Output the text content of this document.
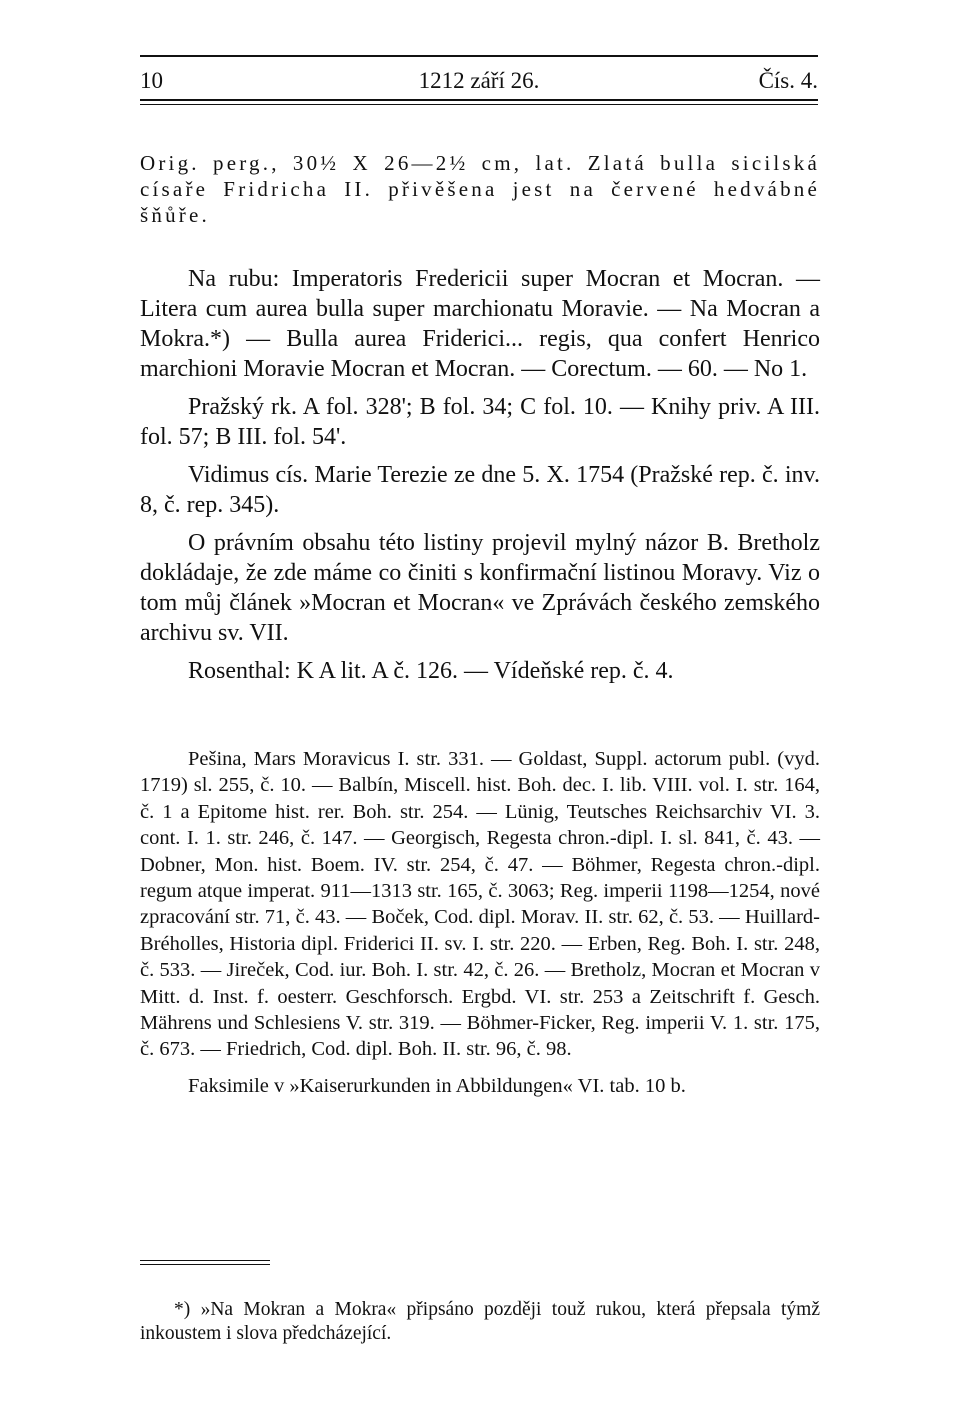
10	1212 září 26.	Čís. 4.

Orig. perg., 30½ X 26—2½ cm, lat. Zlatá bulla sicilská císaře Fridricha II. přivěšena jest na červené hedvábné šňůře.

Na rubu: Imperatoris Fredericii super Mocran et Mocran. — Litera cum aurea bulla super marchionatu Moravie. — Na Mocran a Mokra.*) — Bulla aurea Friderici... regis, qua confert Henrico marchioni Moravie Mocran et Mocran. — Corectum. — 60. — No 1.

Pražský rk. A fol. 328'; B fol. 34; C fol. 10. — Knihy priv. A III. fol. 57; B III. fol. 54'.

Vidimus cís. Marie Terezie ze dne 5. X. 1754 (Pražské rep. č. inv. 8, č. rep. 345).

O právním obsahu této listiny projevil mylný názor B. Bretholz dokládaje, že zde máme co činiti s konfirmační listinou Moravy. Viz o tom můj článek »Mocran et Mocran« ve Zprávách českého zemského archivu sv. VII.

Rosenthal: K A lit. A č. 126. — Vídeňské rep. č. 4.

Pešina, Mars Moravicus I. str. 331. — Goldast, Suppl. actorum publ. (vyd. 1719) sl. 255, č. 10. — Balbín, Miscell. hist. Boh. dec. I. lib. VIII. vol. I. str. 164, č. 1 a Epitome hist. rer. Boh. str. 254. — Lünig, Teutsches Reichsarchiv VI. 3. cont. I. 1. str. 246, č. 147. — Georgisch, Regesta chron.-dipl. I. sl. 841, č. 43. — Dobner, Mon. hist. Boem. IV. str. 254, č. 47. — Böhmer, Regesta chron.-dipl. regum atque imperat. 911—1313 str. 165, č. 3063; Reg. imperii 1198—1254, nové zpracování str. 71, č. 43. — Boček, Cod. dipl. Morav. II. str. 62, č. 53. — Huillard-Bréholles, Historia dipl. Friderici II. sv. I. str. 220. — Erben, Reg. Boh. I. str. 248, č. 533. — Jireček, Cod. iur. Boh. I. str. 42, č. 26. — Bretholz, Mocran et Mocran v Mitt. d. Inst. f. oesterr. Geschforsch. Ergbd. VI. str. 253 a Zeitschrift f. Gesch. Mährens und Schlesiens V. str. 319. — Böhmer-Ficker, Reg. imperii V. 1. str. 175, č. 673. — Friedrich, Cod. dipl. Boh. II. str. 96, č. 98.

Faksimile v »Kaiserurkunden in Abbildungen« VI. tab. 10 b.

*) »Na Mokran a Mokra« připsáno později touž rukou, která přepsala týmž inkoustem i slova předcházející.
